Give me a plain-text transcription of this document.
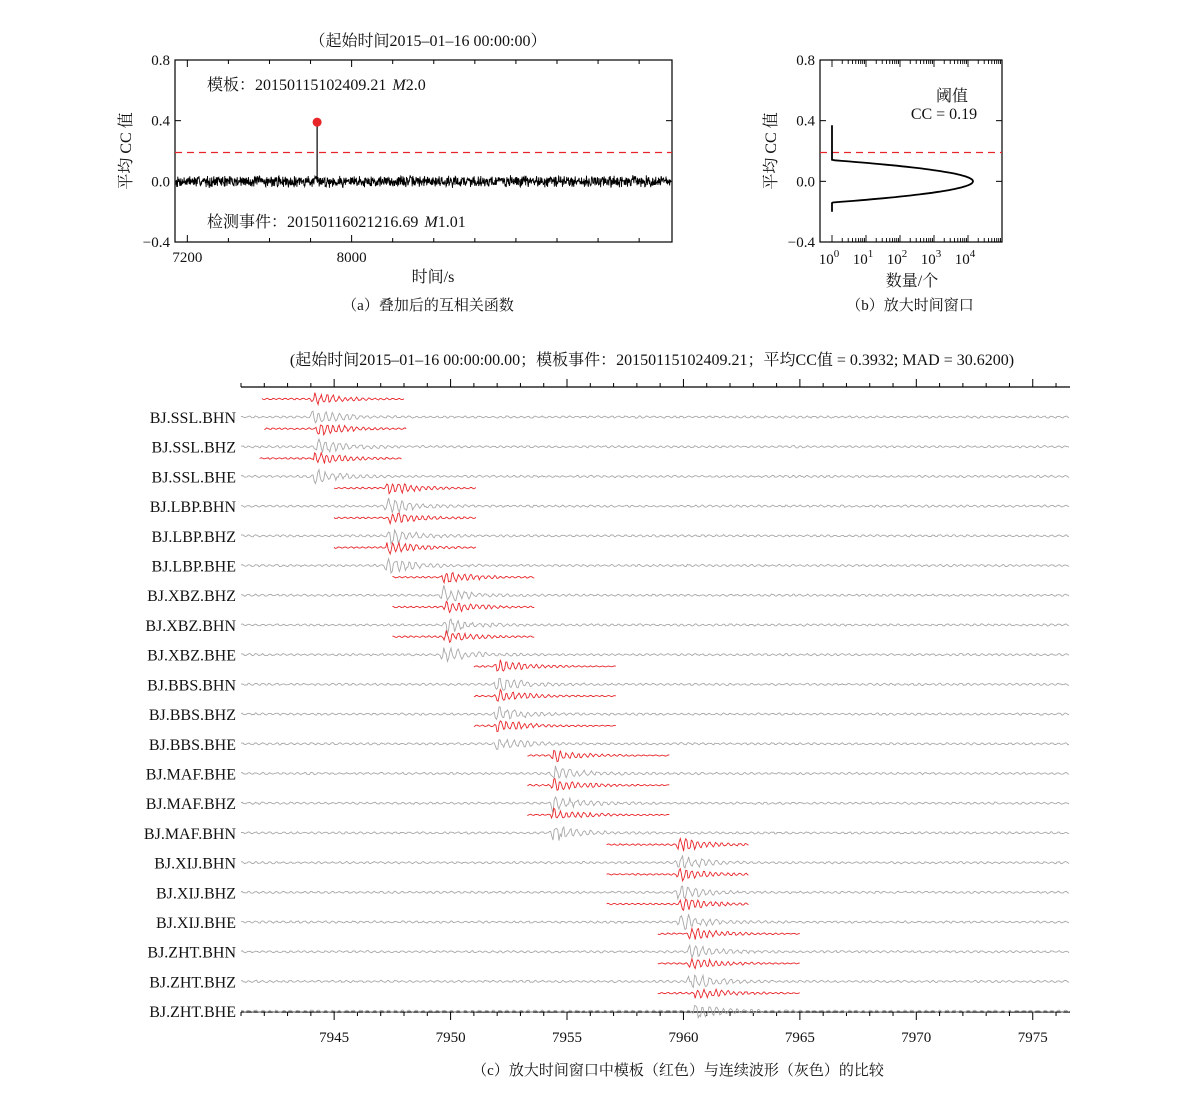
（起始时间2015–01–16 00:00:00）
−0.4
0.0
0.4
0.8
7200	8000
模板：20150115102409.21 M2.0
检测事件：20150116021216.69 M1.01
时间/s
平均 CC 值
（a）叠加后的互相关函数
−0.4
0.0
0.4
0.8
$10^0$ $10^1$ $10^2$ $10^3$ $10^4$
阈值
CC = 0.19
数量/个
平均 CC 值
（b）放大时间窗口
(起始时间2015–01–16 00:00:00.00；模板事件：20150115102409.21；平均CC值 = 0.3932; MAD = 30.6200)
7945	7950	7955	7960	7965	7970	7975
BJ.SSL.BHN
BJ.SSL.BHZ
BJ.SSL.BHE
BJ.LBP.BHN
BJ.LBP.BHZ
BJ.LBP.BHE
BJ.XBZ.BHZ
BJ.XBZ.BHN
BJ.XBZ.BHE
BJ.BBS.BHN
BJ.BBS.BHZ
BJ.BBS.BHE
BJ.MAF.BHE
BJ.MAF.BHZ
BJ.MAF.BHN
BJ.XIJ.BHN
BJ.XIJ.BHZ
BJ.XIJ.BHE
BJ.ZHT.BHN
BJ.ZHT.BHZ
BJ.ZHT.BHE
（c）放大时间窗口中模板（红色）与连续波形（灰色）的比较
